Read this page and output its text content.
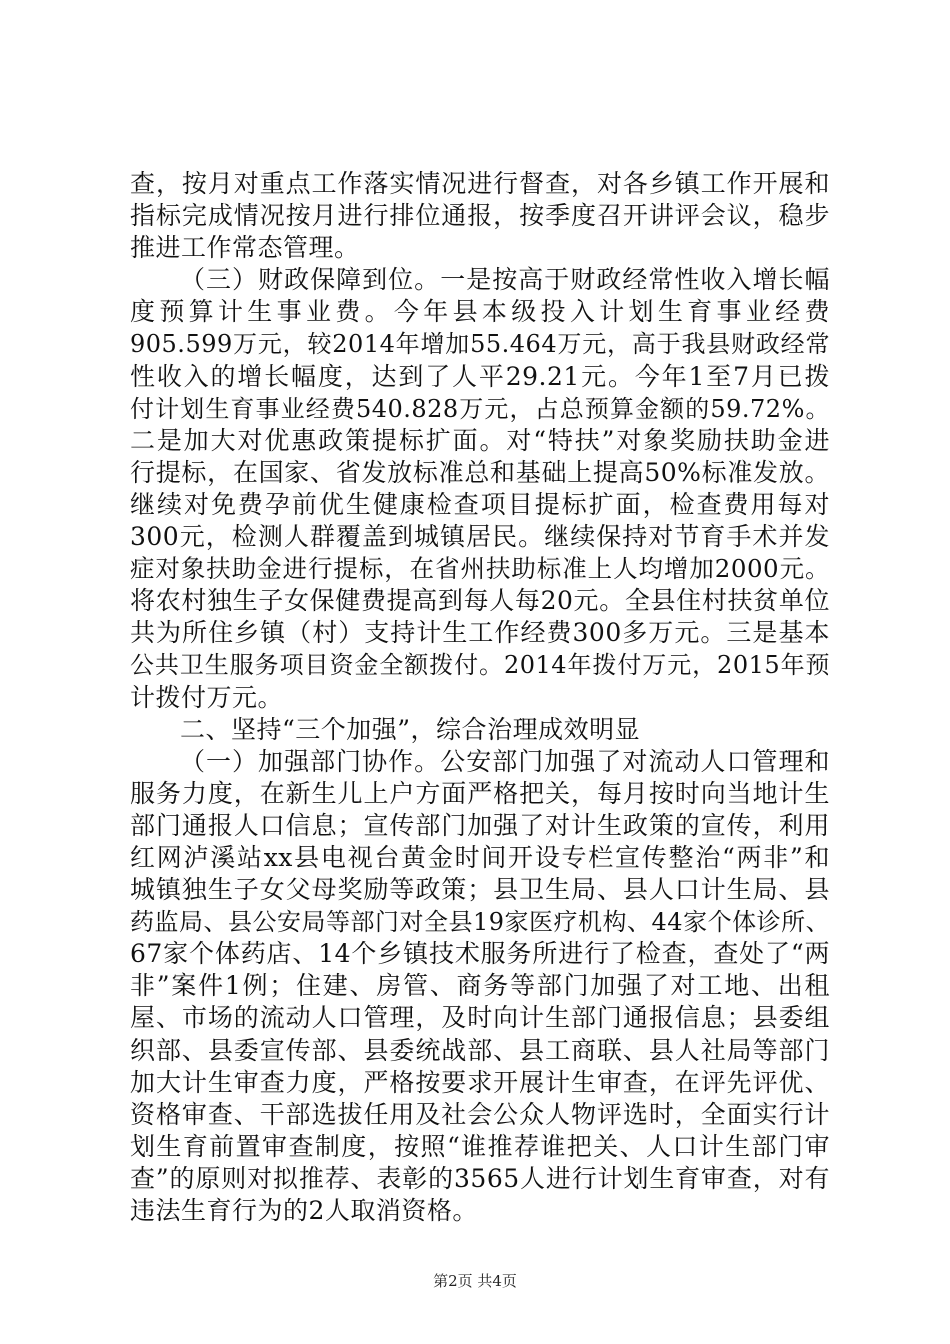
查，按月对重点工作落实情况进行督查，对各乡镇工作开展和
指标完成情况按月进行排位通报，按季度召开讲评会议，稳步
推进工作常态管理。
（三）财政保障到位。一是按高于财政经常性收入增长幅
度预算计生事业费。今年县本级投入计划生育事业经费
905.599万元，较2014年增加55.464万元，高于我县财政经常
性收入的增长幅度，达到了人平29.21元。今年1至7月已拨
付计划生育事业经费540.828万元，占总预算金额的59.72%。
二是加大对优惠政策提标扩面。对“特扶”对象奖励扶助金进
行提标，在国家、省发放标准总和基础上提高50%标准发放。
继续对免费孕前优生健康检查项目提标扩面，检查费用每对
300元，检测人群覆盖到城镇居民。继续保持对节育手术并发
症对象扶助金进行提标，在省州扶助标准上人均增加2000元。
将农村独生子女保健费提高到每人每20元。全县住村扶贫单位
共为所住乡镇（村）支持计生工作经费300多万元。三是基本
公共卫生服务项目资金全额拨付。2014年拨付万元，2015年预
计拨付万元。
二、坚持“三个加强”，综合治理成效明显
（一）加强部门协作。公安部门加强了对流动人口管理和
服务力度，在新生儿上户方面严格把关，每月按时向当地计生
部门通报人口信息；宣传部门加强了对计生政策的宣传，利用
红网泸溪站xx县电视台黄金时间开设专栏宣传整治“两非”和
城镇独生子女父母奖励等政策；县卫生局、县人口计生局、县
药监局、县公安局等部门对全县19家医疗机构、44家个体诊所、
67家个体药店、14个乡镇技术服务所进行了检查，查处了“两
非”案件1例；住建、房管、商务等部门加强了对工地、出租
屋、市场的流动人口管理，及时向计生部门通报信息；县委组
织部、县委宣传部、县委统战部、县工商联、县人社局等部门
加大计生审查力度，严格按要求开展计生审查，在评先评优、
资格审查、干部选拔任用及社会公众人物评选时，全面实行计
划生育前置审查制度，按照“谁推荐谁把关、人口计生部门审
查”的原则对拟推荐、表彰的3565人进行计划生育审查，对有
违法生育行为的2人取消资格。
第2页 共4页
